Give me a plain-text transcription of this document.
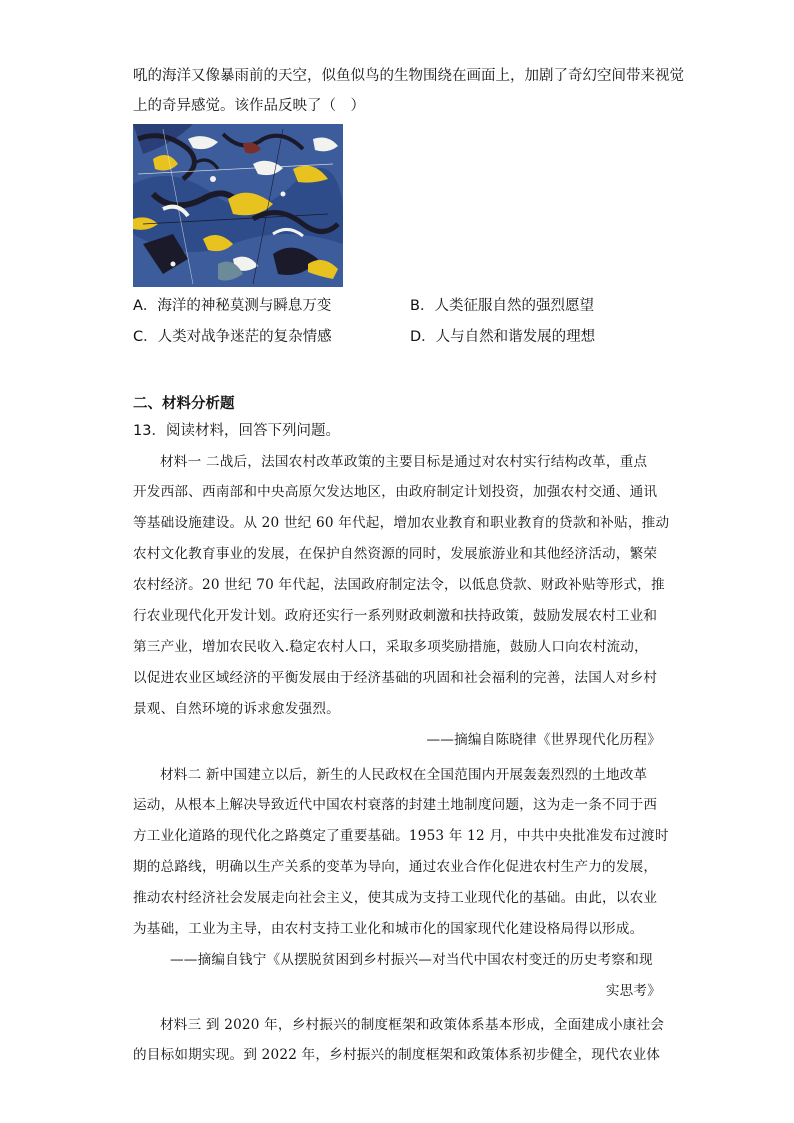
吼的海洋又像暴雨前的天空，似鱼似鸟的生物围绕在画面上，加剧了奇幻空间带来视觉
上的奇异感觉。该作品反映了（　）
A．海洋的神秘莫测与瞬息万变	B．人类征服自然的强烈愿望
C．人类对战争迷茫的复杂情感	D．人与自然和谐发展的理想
二、材料分析题
13．阅读材料，回答下列问题。
材料一 二战后，法国农村改革政策的主要目标是通过对农村实行结构改革，重点
开发西部、西南部和中央高原欠发达地区，由政府制定计划投资，加强农村交通、通讯
等基础设施建设。从 20 世纪 60 年代起，增加农业教育和职业教育的贷款和补贴，推动
农村文化教育事业的发展，在保护自然资源的同时，发展旅游业和其他经济活动，繁荣
农村经济。20 世纪 70 年代起，法国政府制定法令，以低息贷款、财政补贴等形式，推
行农业现代化开发计划。政府还实行一系列财政刺激和扶持政策，鼓励发展农村工业和
第三产业，增加农民收入.稳定农村人口，采取多项奖励措施，鼓励人口向农村流动，
以促进农业区域经济的平衡发展由于经济基础的巩固和社会福利的完善，法国人对乡村
景观、自然环境的诉求愈发强烈。
——摘编自陈晓律《世界现代化历程》
材料二 新中国建立以后，新生的人民政权在全国范围内开展轰轰烈烈的土地改革
运动，从根本上解决导致近代中国农村衰落的封建土地制度问题，这为走一条不同于西
方工业化道路的现代化之路奠定了重要基础。1953 年 12 月，中共中央批准发布过渡时
期的总路线，明确以生产关系的变革为导向，通过农业合作化促进农村生产力的发展，
推动农村经济社会发展走向社会主义，使其成为支持工业现代化的基础。由此，以农业
为基础，工业为主导，由农村支持工业化和城市化的国家现代化建设格局得以形成。
——摘编自钱宁《从摆脱贫困到乡村振兴—对当代中国农村变迁的历史考察和现
实思考》
材料三 到 2020 年，乡村振兴的制度框架和政策体系基本形成，全面建成小康社会
的目标如期实现。到 2022 年，乡村振兴的制度框架和政策体系初步健全，现代农业体
